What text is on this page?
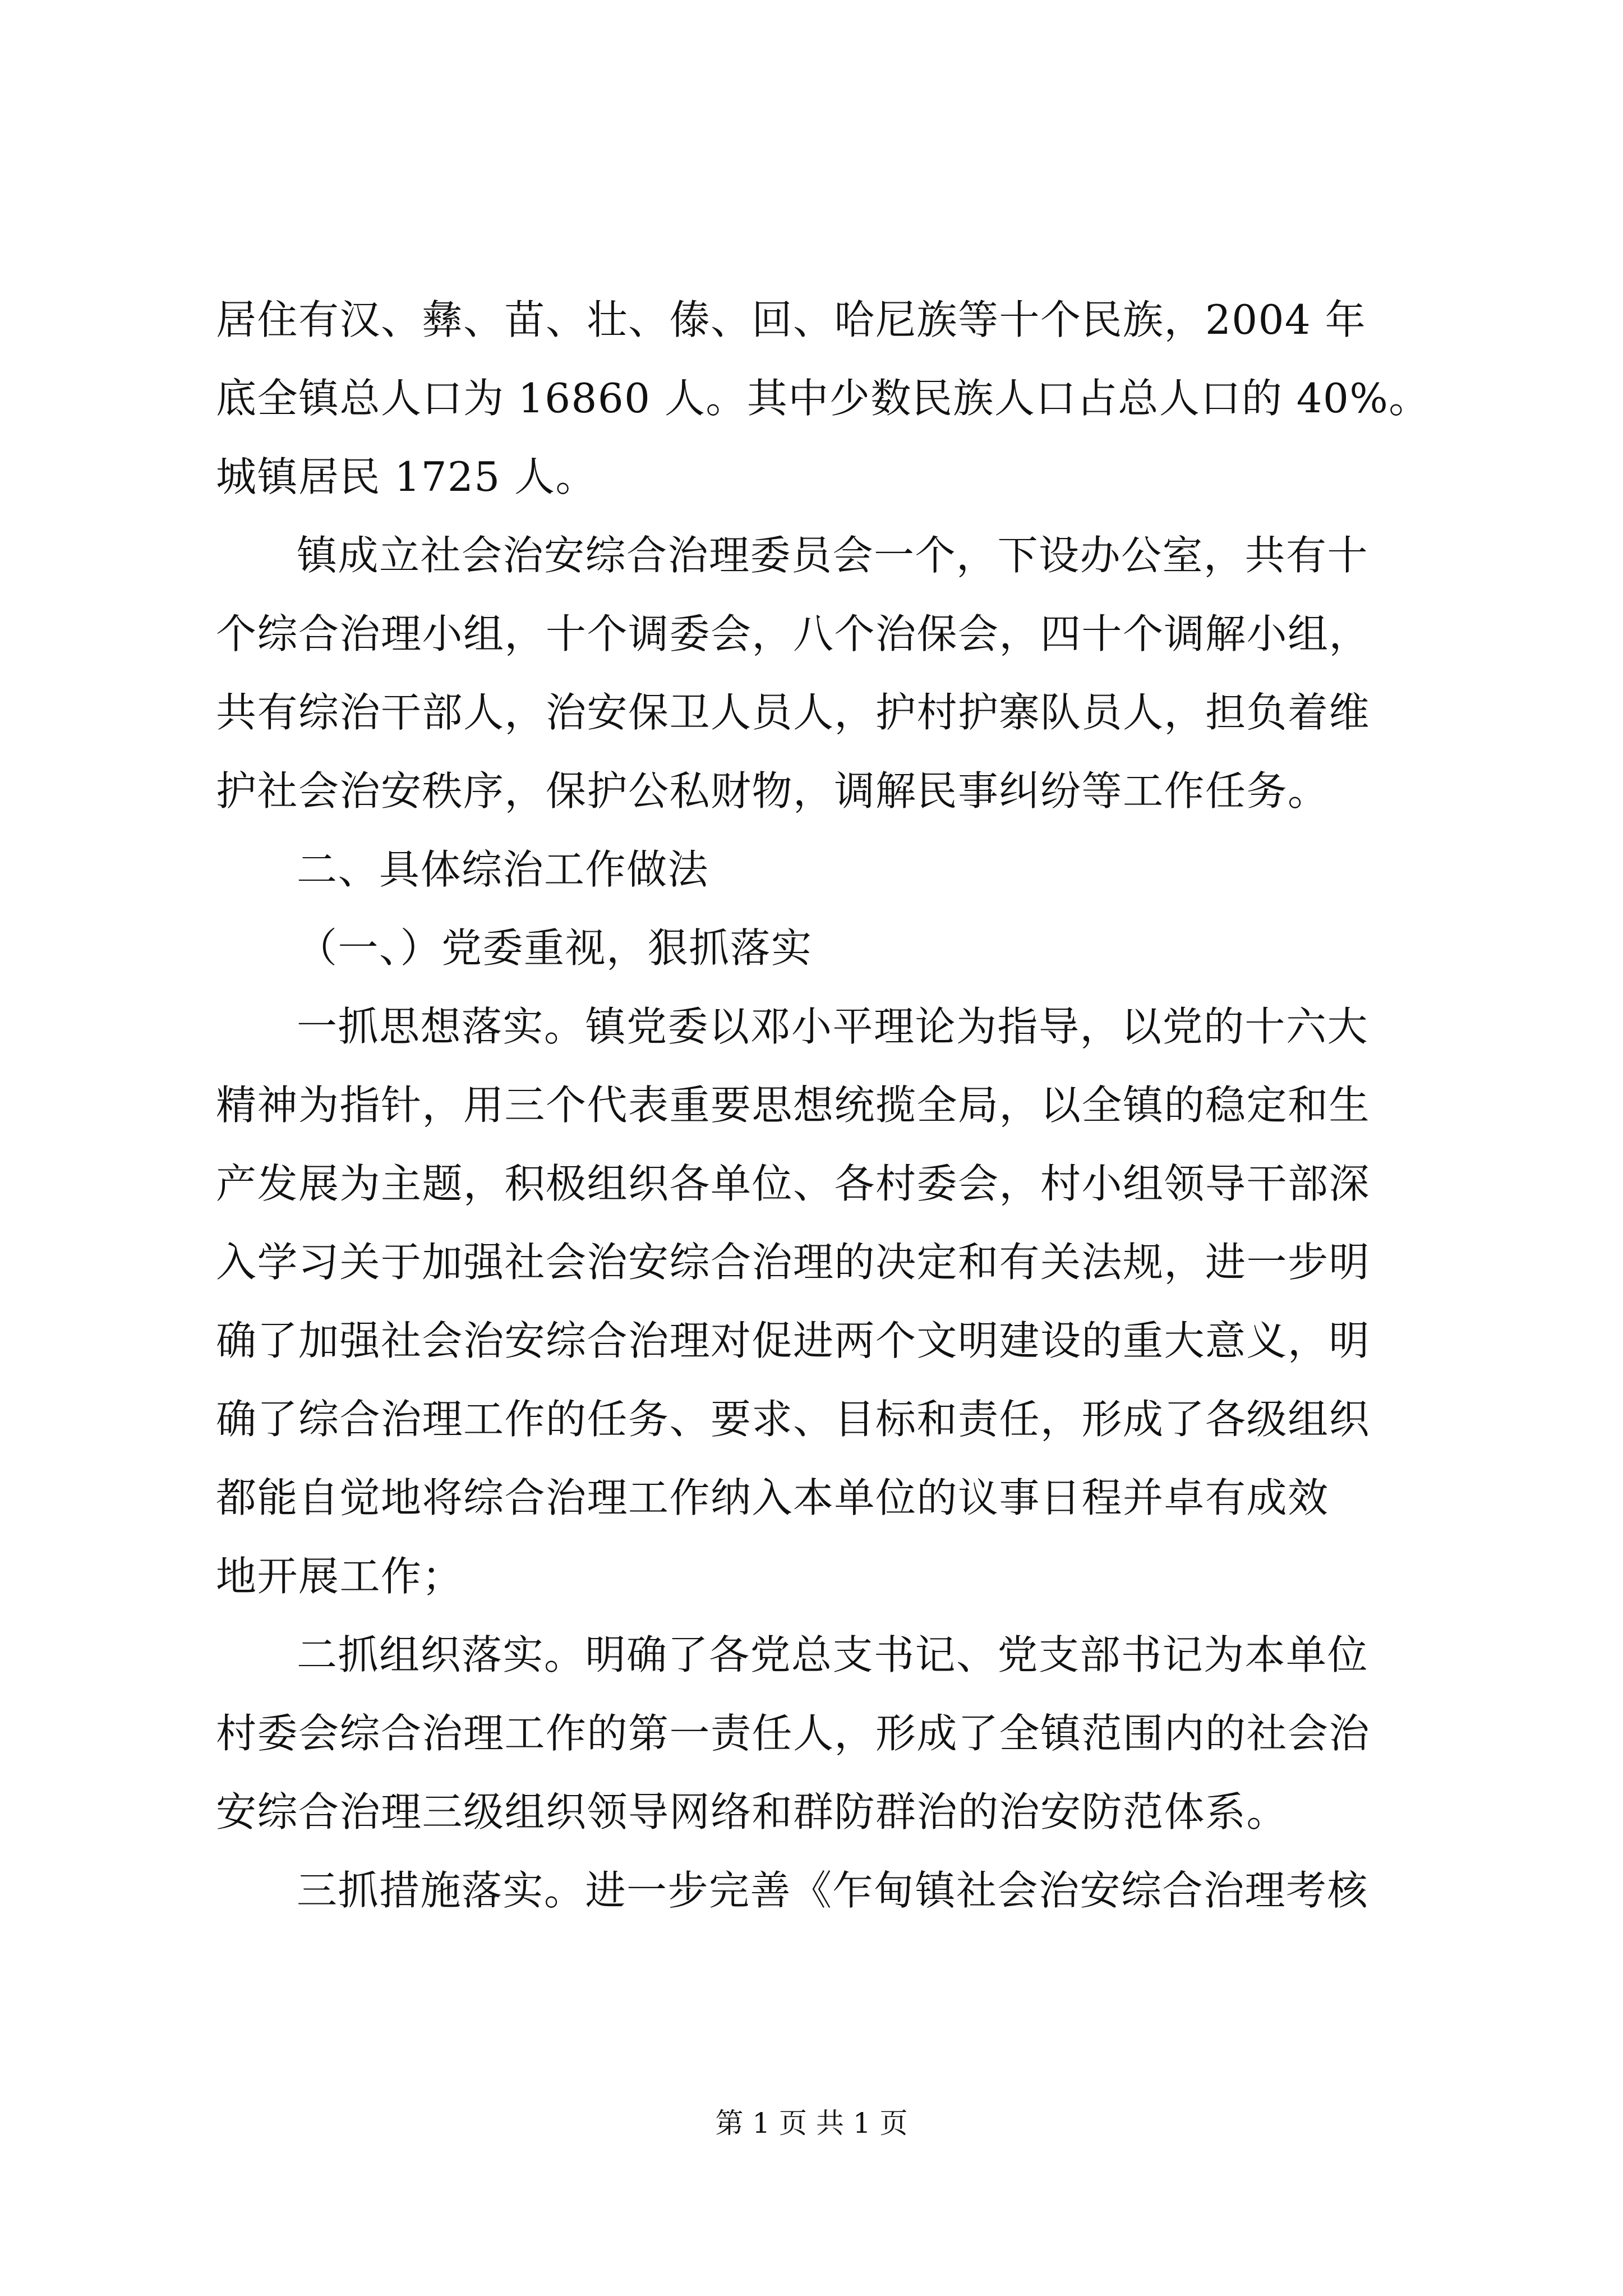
居住有汉、彝、苗、壮、傣、回、哈尼族等十个民族，2004 年
底全镇总人口为 16860 人。其中少数民族人口占总人口的 40%。
城镇居民 1725 人。
镇成立社会治安综合治理委员会一个，下设办公室，共有十
个综合治理小组，十个调委会，八个治保会，四十个调解小组，
共有综治干部人，治安保卫人员人，护村护寨队员人，担负着维
护社会治安秩序，保护公私财物，调解民事纠纷等工作任务。
二、具体综治工作做法
（一、）党委重视，狠抓落实
一抓思想落实。镇党委以邓小平理论为指导，以党的十六大
精神为指针，用三个代表重要思想统揽全局，以全镇的稳定和生
产发展为主题，积极组织各单位、各村委会，村小组领导干部深
入学习关于加强社会治安综合治理的决定和有关法规，进一步明
确了加强社会治安综合治理对促进两个文明建设的重大意义，明
确了综合治理工作的任务、要求、目标和责任，形成了各级组织
都能自觉地将综合治理工作纳入本单位的议事日程并卓有成效
地开展工作；
二抓组织落实。明确了各党总支书记、党支部书记为本单位
村委会综合治理工作的第一责任人，形成了全镇范围内的社会治
安综合治理三级组织领导网络和群防群治的治安防范体系。
三抓措施落实。进一步完善《乍甸镇社会治安综合治理考核
第 1 页 共 1 页
